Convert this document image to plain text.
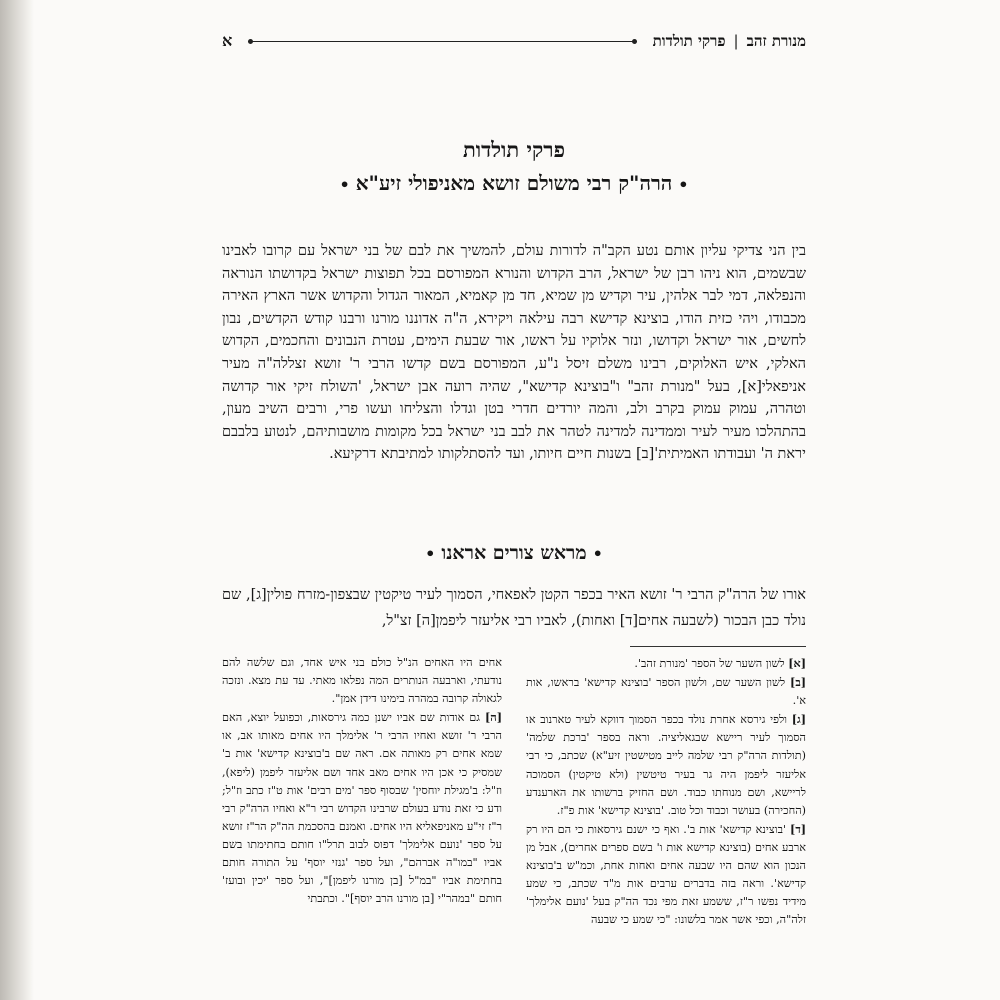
מנורת זהב
|
פרקי תולדות
א
פרקי תולדות
•הרה"ק רבי משולם זושא מאניפולי זיע"א•

בין הני צדיקי עליון אותם נטע הקב"ה לדורות עולם, להמשיך את לבם של בני ישראל עם קרובו לאבינו שבשמים, הוא ניהו רבן של ישראל, הרב הקדוש והנורא המפורסם בכל תפוצות ישראל בקדושתו הנוראה והנפלאה, דמי לבר אלהין, עיר וקדיש מן שמיא, חד מן קאמיא, המאור הגדול והקדוש אשר הארץ האירה מכבודו, ויהי כזית הודו, בוצינא קדישא רבה עילאה ויקירא, ה"ה אדוננו מורנו ורבנו קודש הקדשים, נבון לחשים, אור ישראל וקדושו, ונזר אלוקיו על ראשו, אור שבעת הימים, עטרת הנבונים והחכמים, הקדוש האלקי, איש האלוקים, רבינו משלם זיסל נ"ע, המפורסם בשם קדשו הרבי ר' זושא זצללה"ה מעיר אניפאלי[א], בעל "מנורת זהב" ו"בוצינא קדישא", שהיה רועה אבן ישראל, 'השולח זיקי אור קדושה וטהרה, עמוק עמוק בקרב ולב, והמה יורדים חדרי בטן וגדלו והצליחו ועשו פרי, ורבים השיב מעון, בהתהלכו מעיר לעיר וממדינה למדינה לטהר את לבב בני ישראל בכל מקומות מושבותיהם, לנטוע בלבבם יראת ה' ועבודתו האמיתית'[ב] בשנות חיים חיותו, ועד להסתלקותו למתיבתא דרקיעא.

•מראש צורים אראנו•

אורו של הרה"ק הרבי ר' זושא האיר בכפר הקטן לאפאחי, הסמוך לעיר טיקטין שבצפון-מזרח פולין[ג], שם נולד כבן הבכור (לשבעה אחים[ד] ואחות), לאביו רבי אליעזר ליפמן[ה] זצ"ל,

[א] לשון השער של הספר 'מנורת זהב'.

[ב] לשון השער שם, ולשון הספר 'בוצינא קדישא' בראשו, אות א'.

[ג] ולפי גירסא אחרת נולד בכפר הסמוך דווקא לעיר טארנוב או הסמוך לעיר ריישא שבגאליציה. וראה בספר 'ברכת שלמה' (תולדות הרה"ק רבי שלמה לייב מטישטין זיע"א) שכתב, כי רבי אליעזר ליפמן היה גר בעיר טיטשין (ולא טיקטין) הסמוכה לריישא, ושם מנוחתו כבוד. ושם החזיק ברשותו את הארענדע (החכירה) בעושר וכבוד וכל טוב. 'בוצינא קדישא' אות פ"ז.

[ד] 'בוצינא קדישא' אות ב'. ואף כי ישנם גירסאות כי הם היו רק ארבע אחים (בוצינא קדישא אות ו' בשם ספרים אחרים), אבל מן הנכון הוא שהם היו שבעה אחים ואחות אחת, וכמ"ש ב'בוצינא קדישא'. וראה בזה בדברים ערבים אות מ"ד שכתב, כי שמע מידיד נפשו ר"ז, ששמע זאת מפי נכד הה"ק בעל 'נועם אלימלך' זלה"ה, וכפי אשר אמר בלשונו: "כי שמע כי שבעה

אחים היו האחים הנ"ל כולם בני איש אחד, וגם שלשה להם נודעתי, וארבעה הנותרים המה נפלאו מאתי. עד עת מצא. ונזכה לגאולה קרובה במהרה בימינו דידן אמן".

[ה] גם אודות שם אביו ישנן כמה גירסאות, וכפועל יוצא, האם הרבי ר' זושא ואחיו הרבי ר' אלימלך היו אחים מאותו אב, או שמא אחים רק מאותה אם. ראה שם ב'בוצינא קדישא' אות ב' שמסיק כי אכן היו אחים מאב אחד ושם אליעזר ליפמן (ליפא), וז"ל: ב'מגילת יוחסין' שבסוף ספר 'מים רבים' אות ט"ז כתב וז"ל; ודע כי זאת נודע בעולם שרבינו הקדוש רבי ר"א ואחיו הרה"ק רבי ר"ז זי"ע מאניפאליא היו אחים. ואמנם בהסכמת הה"ק הר"ז זושא על ספר 'נועם אלימלך' דפוס לבוב תרל"ו חותם בחתימתו בשם אביו "במו"ה אברהם", ועל ספר 'גנזי יוסף' על התורה חותם בחתימת אביו "במ"ל [בן מורנו ליפמן]", ועל ספר 'יכין ובועז' חותם "במהר"י [בן מורנו הרב יוסף]". וכתבתי
